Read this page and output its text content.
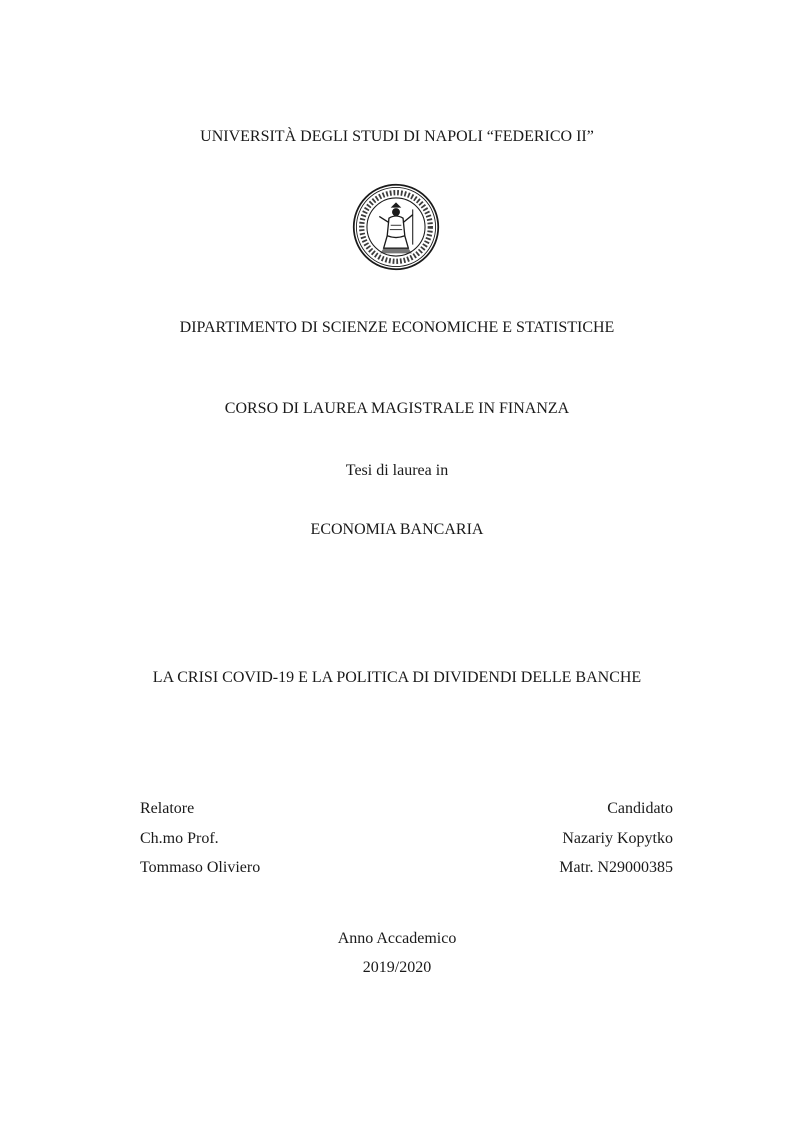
UNIVERSITÀ DEGLI STUDI DI NAPOLI “FEDERICO II”
DIPARTIMENTO DI SCIENZE ECONOMICHE E STATISTICHE
CORSO DI LAUREA MAGISTRALE IN FINANZA
Tesi di laurea in
ECONOMIA BANCARIA
LA CRISI COVID-19 E LA POLITICA DI DIVIDENDI DELLE BANCHE
Relatore
Ch.mo Prof.
Tommaso Oliviero
Candidato
Nazariy Kopytko
Matr. N29000385
Anno Accademico
2019/2020
